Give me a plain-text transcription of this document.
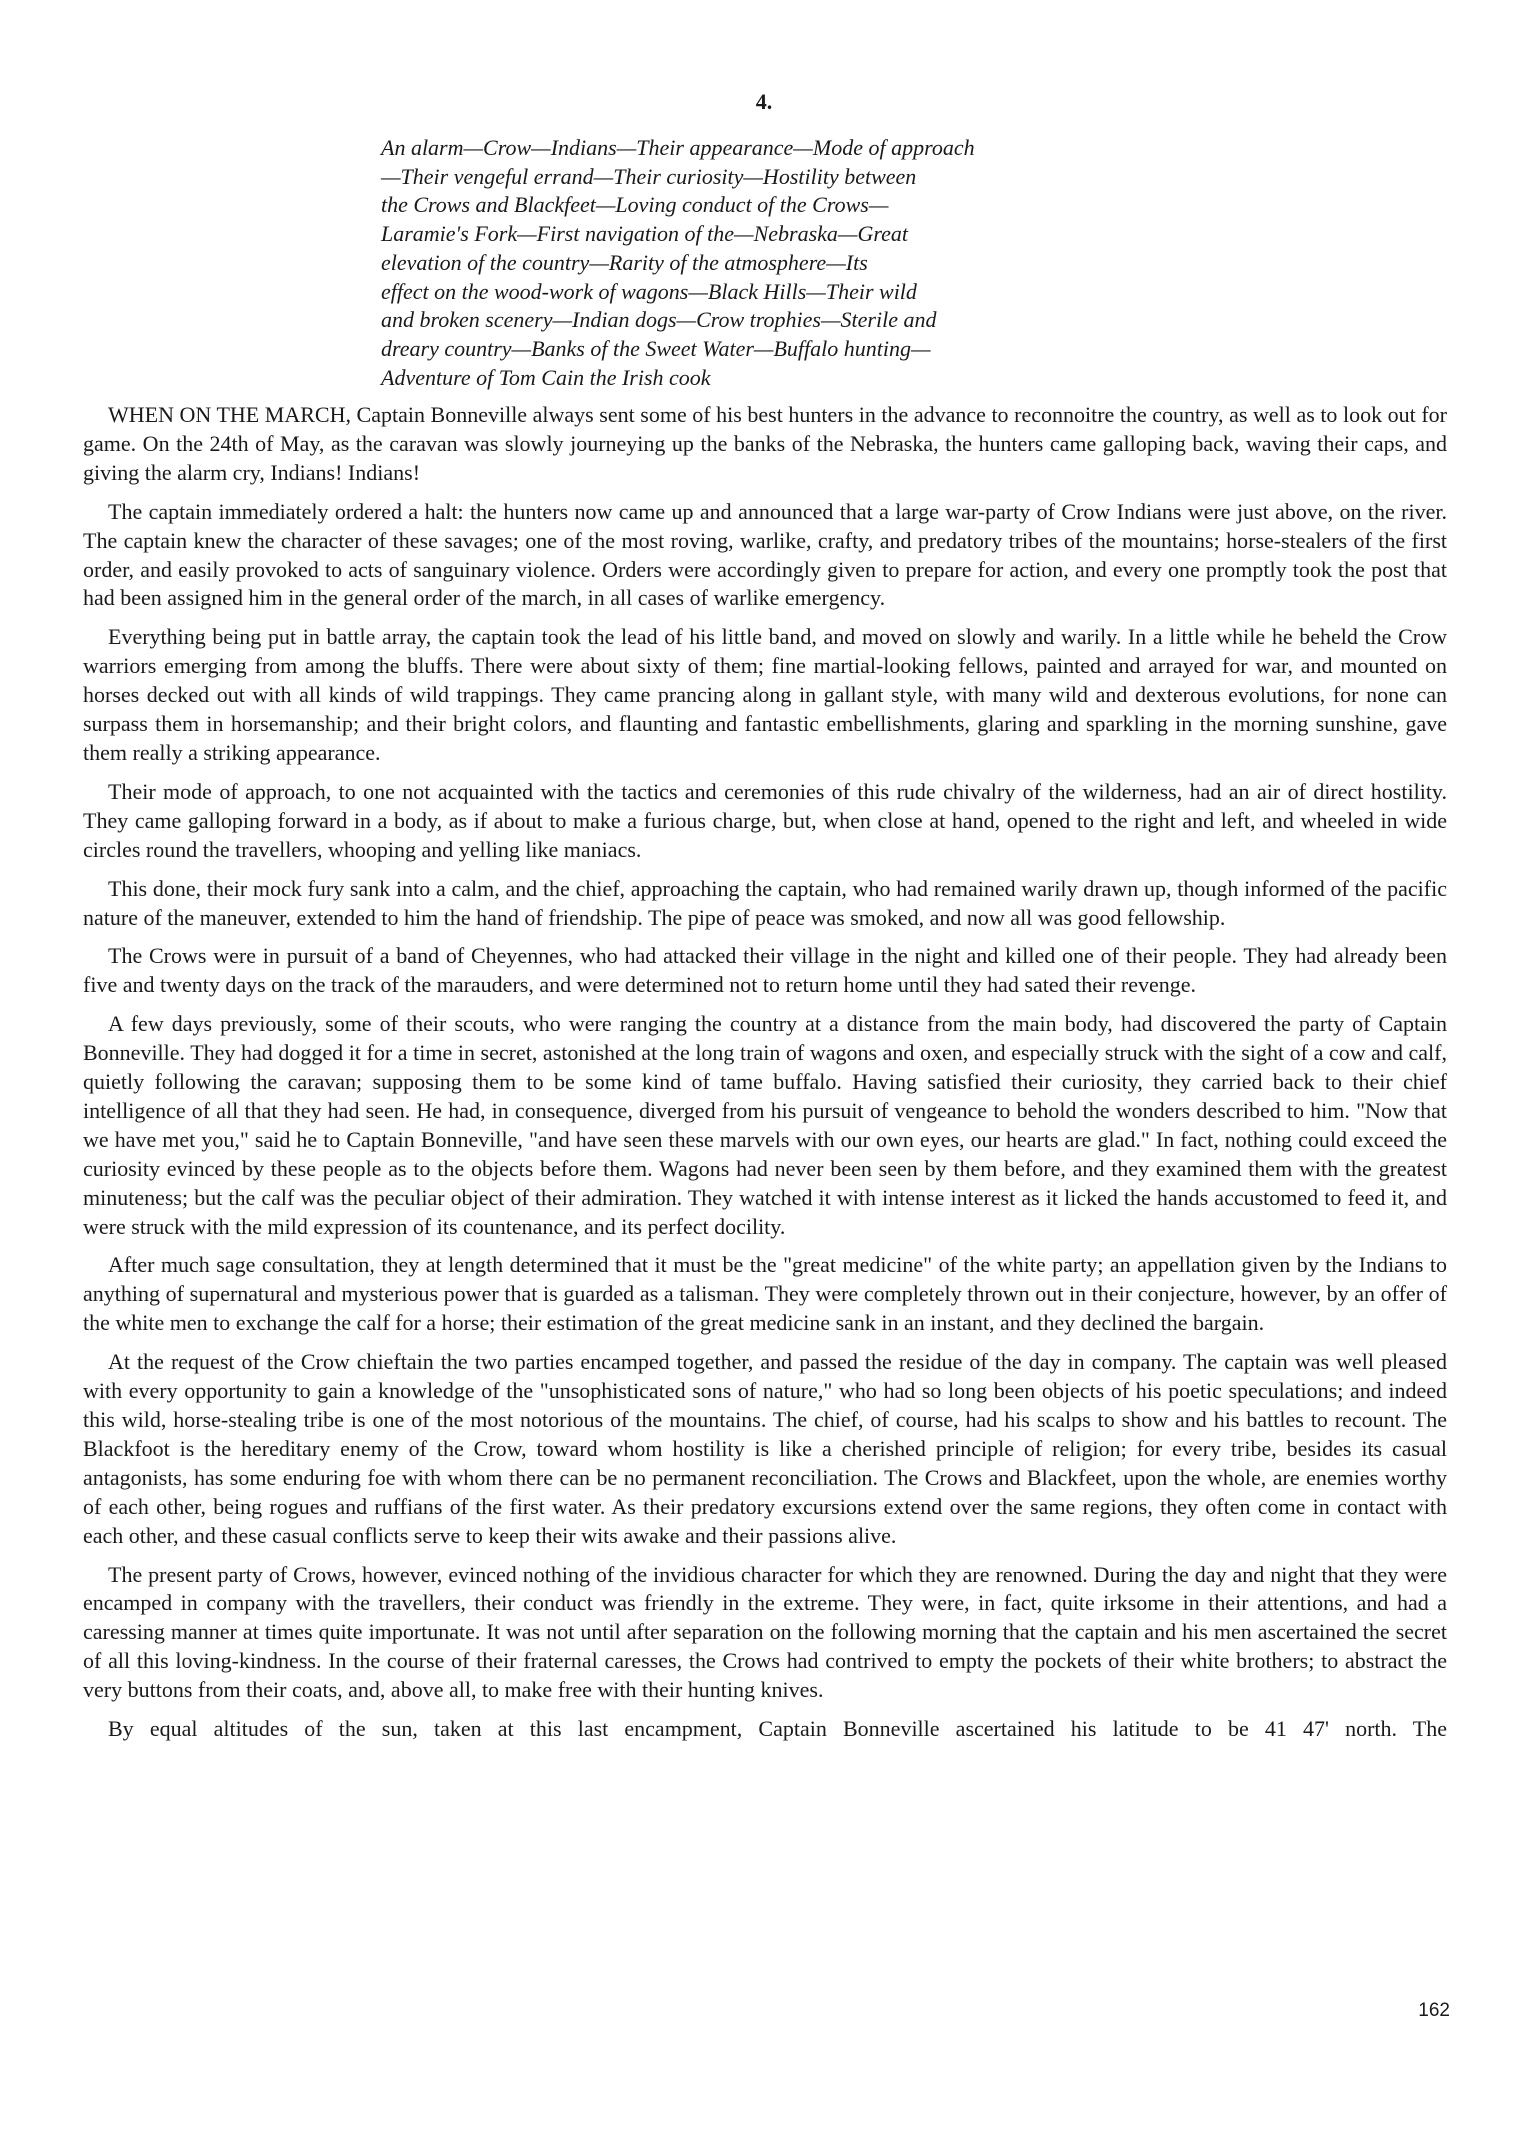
4.
An alarm—Crow—Indians—Their appearance—Mode of approach
—Their vengeful errand—Their curiosity—Hostility between
the Crows and Blackfeet—Loving conduct of the Crows—
Laramie's Fork—First navigation of the—Nebraska—Great
elevation of the country—Rarity of the atmosphere—Its
effect on the wood-work of wagons—Black Hills—Their wild
and broken scenery—Indian dogs—Crow trophies—Sterile and
dreary country—Banks of the Sweet Water—Buffalo hunting—
Adventure of Tom Cain the Irish cook

WHEN ON THE MARCH, Captain Bonneville always sent some of his best hunters in the advance to reconnoitre the country, as well as to look out for game. On the 24th of May, as the caravan was slowly journeying up the banks of the Nebraska, the hunters came galloping back, waving their caps, and giving the alarm cry, Indians! Indians!

The captain immediately ordered a halt: the hunters now came up and announced that a large war-party of Crow Indians were just above, on the river. The captain knew the character of these savages; one of the most roving, warlike, crafty, and predatory tribes of the mountains; horse-stealers of the first order, and easily provoked to acts of sanguinary violence. Orders were accordingly given to prepare for action, and every one promptly took the post that had been assigned him in the general order of the march, in all cases of warlike emergency.

Everything being put in battle array, the captain took the lead of his little band, and moved on slowly and warily. In a little while he beheld the Crow warriors emerging from among the bluffs. There were about sixty of them; fine martial-looking fellows, painted and arrayed for war, and mounted on horses decked out with all kinds of wild trappings. They came prancing along in gallant style, with many wild and dexterous evolutions, for none can surpass them in horsemanship; and their bright colors, and flaunting and fantastic embellishments, glaring and sparkling in the morning sunshine, gave them really a striking appearance.

Their mode of approach, to one not acquainted with the tactics and ceremonies of this rude chivalry of the wilderness, had an air of direct hostility. They came galloping forward in a body, as if about to make a furious charge, but, when close at hand, opened to the right and left, and wheeled in wide circles round the travellers, whooping and yelling like maniacs.

This done, their mock fury sank into a calm, and the chief, approaching the captain, who had remained warily drawn up, though informed of the pacific nature of the maneuver, extended to him the hand of friendship. The pipe of peace was smoked, and now all was good fellowship.

The Crows were in pursuit of a band of Cheyennes, who had attacked their village in the night and killed one of their people. They had already been five and twenty days on the track of the marauders, and were determined not to return home until they had sated their revenge.

A few days previously, some of their scouts, who were ranging the country at a distance from the main body, had discovered the party of Captain Bonneville. They had dogged it for a time in secret, astonished at the long train of wagons and oxen, and especially struck with the sight of a cow and calf, quietly following the caravan; supposing them to be some kind of tame buffalo. Having satisfied their curiosity, they carried back to their chief intelligence of all that they had seen. He had, in consequence, diverged from his pursuit of vengeance to behold the wonders described to him. "Now that we have met you," said he to Captain Bonneville, "and have seen these marvels with our own eyes, our hearts are glad." In fact, nothing could exceed the curiosity evinced by these people as to the objects before them. Wagons had never been seen by them before, and they examined them with the greatest minuteness; but the calf was the peculiar object of their admiration. They watched it with intense interest as it licked the hands accustomed to feed it, and were struck with the mild expression of its countenance, and its perfect docility.

After much sage consultation, they at length determined that it must be the "great medicine" of the white party; an appellation given by the Indians to anything of supernatural and mysterious power that is guarded as a talisman. They were completely thrown out in their conjecture, however, by an offer of the white men to exchange the calf for a horse; their estimation of the great medicine sank in an instant, and they declined the bargain.

At the request of the Crow chieftain the two parties encamped together, and passed the residue of the day in company. The captain was well pleased with every opportunity to gain a knowledge of the "unsophisticated sons of nature," who had so long been objects of his poetic speculations; and indeed this wild, horse-stealing tribe is one of the most notorious of the mountains. The chief, of course, had his scalps to show and his battles to recount. The Blackfoot is the hereditary enemy of the Crow, toward whom hostility is like a cherished principle of religion; for every tribe, besides its casual antagonists, has some enduring foe with whom there can be no permanent reconciliation. The Crows and Blackfeet, upon the whole, are enemies worthy of each other, being rogues and ruffians of the first water. As their predatory excursions extend over the same regions, they often come in contact with each other, and these casual conflicts serve to keep their wits awake and their passions alive.

The present party of Crows, however, evinced nothing of the invidious character for which they are renowned. During the day and night that they were encamped in company with the travellers, their conduct was friendly in the extreme. They were, in fact, quite irksome in their attentions, and had a caressing manner at times quite importunate. It was not until after separation on the following morning that the captain and his men ascertained the secret of all this loving-kindness. In the course of their fraternal caresses, the Crows had contrived to empty the pockets of their white brothers; to abstract the very buttons from their coats, and, above all, to make free with their hunting knives.

By equal altitudes of the sun, taken at this last encampment, Captain Bonneville ascertained his latitude to be 41 47' north. The

162
